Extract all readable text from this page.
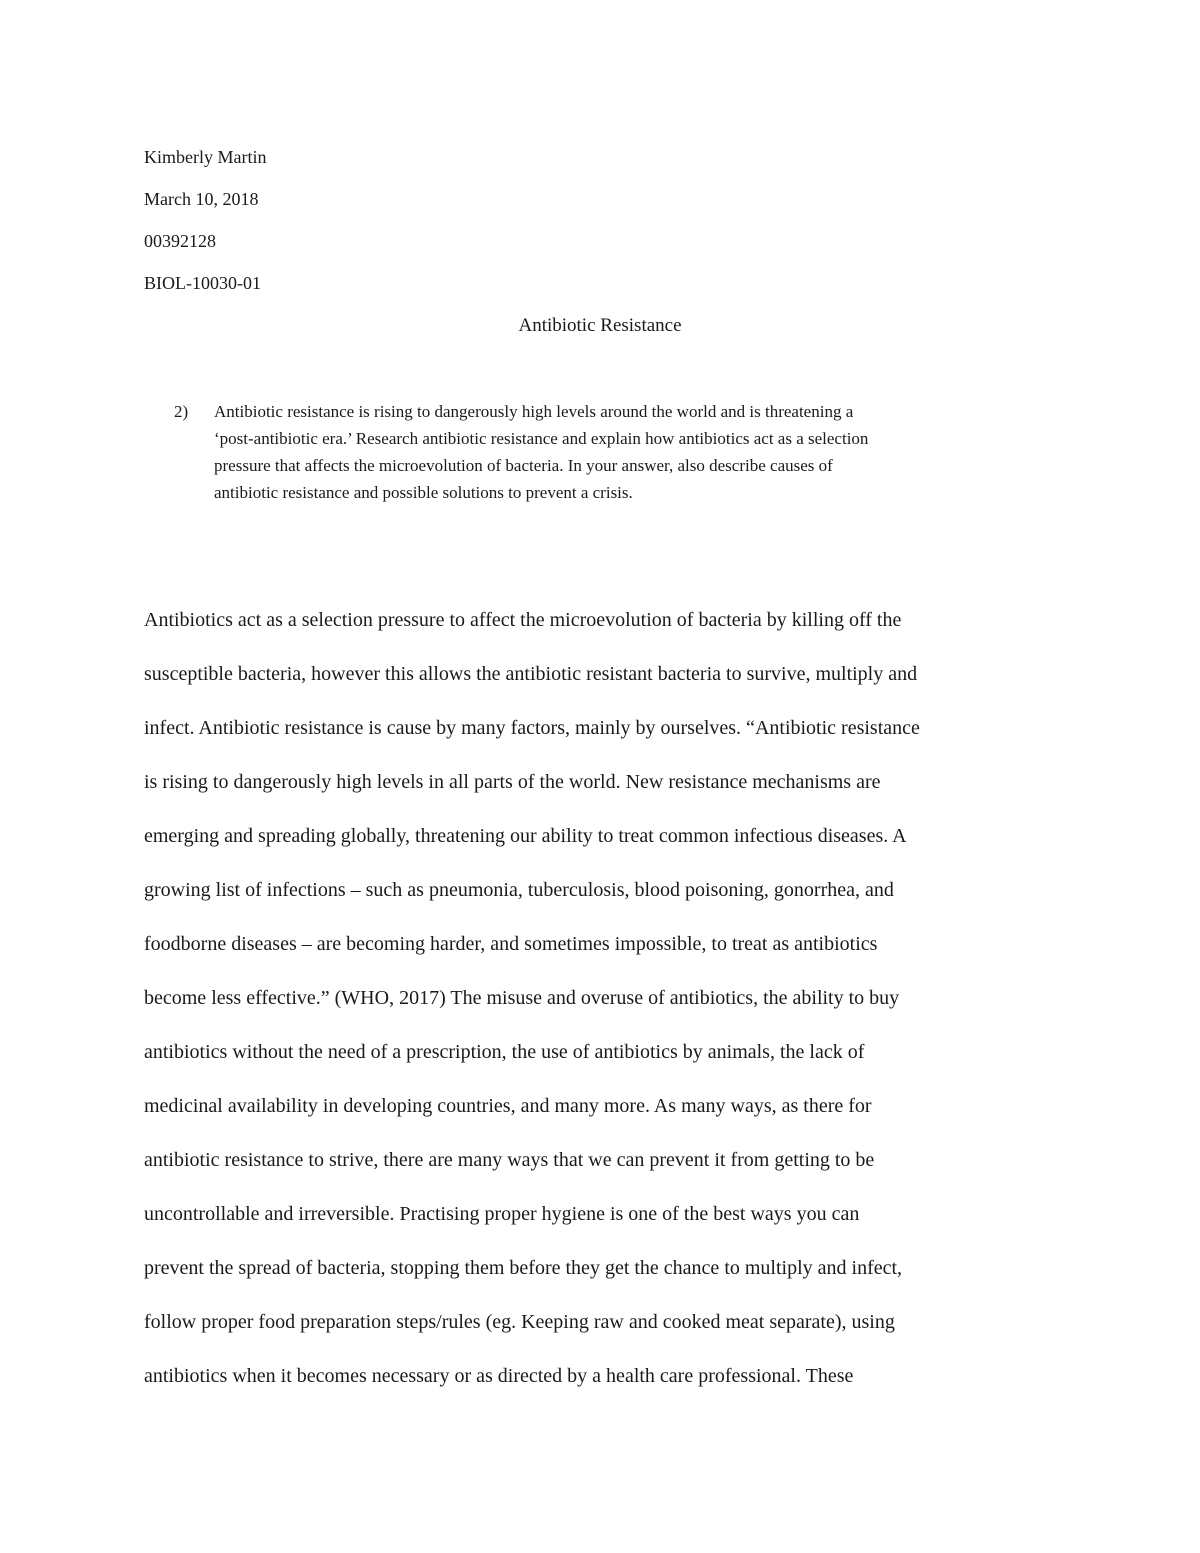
Kimberly Martin
March 10, 2018
00392128
BIOL-10030-01
Antibiotic Resistance
2) Antibiotic resistance is rising to dangerously high levels around the world and is threatening a
‘post-antibiotic era.’ Research antibiotic resistance and explain how antibiotics act as a selection
pressure that affects the microevolution of bacteria. In your answer, also describe causes of
antibiotic resistance and possible solutions to prevent a crisis.
Antibiotics act as a selection pressure to affect the microevolution of bacteria by killing off the
susceptible bacteria, however this allows the antibiotic resistant bacteria to survive, multiply and
infect. Antibiotic resistance is cause by many factors, mainly by ourselves. “Antibiotic resistance
is rising to dangerously high levels in all parts of the world. New resistance mechanisms are
emerging and spreading globally, threatening our ability to treat common infectious diseases. A
growing list of infections – such as pneumonia, tuberculosis, blood poisoning, gonorrhea, and
foodborne diseases – are becoming harder, and sometimes impossible, to treat as antibiotics
become less effective.” (WHO, 2017) The misuse and overuse of antibiotics, the ability to buy
antibiotics without the need of a prescription, the use of antibiotics by animals, the lack of
medicinal availability in developing countries, and many more. As many ways, as there for
antibiotic resistance to strive, there are many ways that we can prevent it from getting to be
uncontrollable and irreversible. Practising proper hygiene is one of the best ways you can
prevent the spread of bacteria, stopping them before they get the chance to multiply and infect,
follow proper food preparation steps/rules (eg. Keeping raw and cooked meat separate), using
antibiotics when it becomes necessary or as directed by a health care professional. These
